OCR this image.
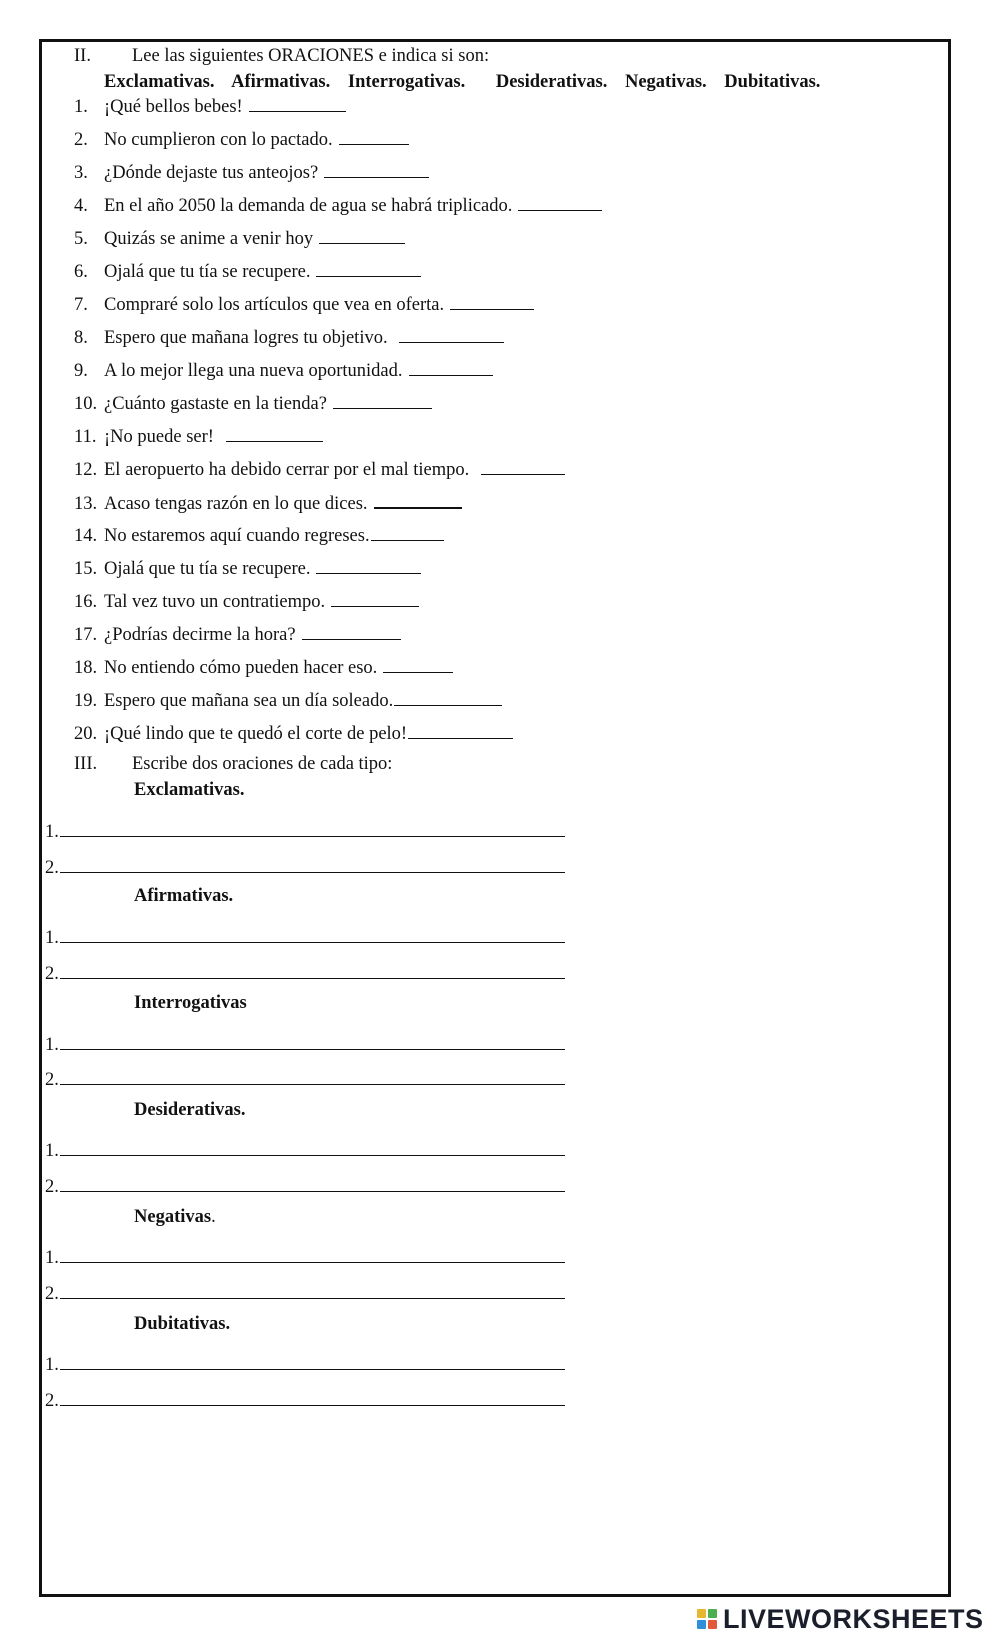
II. Lee las siguientes ORACIONES e indica si son:
Exclamativas. Afirmativas. Interrogativas. Desiderativas. Negativas. Dubitativas.
1. ¡Qué bellos bebes!
2. No cumplieron con lo pactado.
3. ¿Dónde dejaste tus anteojos?
4. En el año 2050 la demanda de agua se habrá triplicado.
5. Quizás se anime a venir hoy
6. Ojalá que tu tía se recupere.
7. Compraré solo los artículos que vea en oferta.
8. Espero que mañana logres tu objetivo.
9. A lo mejor llega una nueva oportunidad.
10. ¿Cuánto gastaste en la tienda?
11. ¡No puede ser!
12. El aeropuerto ha debido cerrar por el mal tiempo.
13. Acaso tengas razón en lo que dices.
14. No estaremos aquí cuando regreses.
15. Ojalá que tu tía se recupere.
16. Tal vez tuvo un contratiempo.
17. ¿Podrías decirme la hora?
18. No entiendo cómo pueden hacer eso.
19. Espero que mañana sea un día soleado.
20. ¡Qué lindo que te quedó el corte de pelo!
III. Escribe dos oraciones de cada tipo:
Exclamativas.
1.
2.
Afirmativas.
1.
2.
Interrogativas
1.
2.
Desiderativas.
1.
2.
Negativas.
1.
2.
Dubitativas.
1.
2.
LIVEWORKSHEETS
